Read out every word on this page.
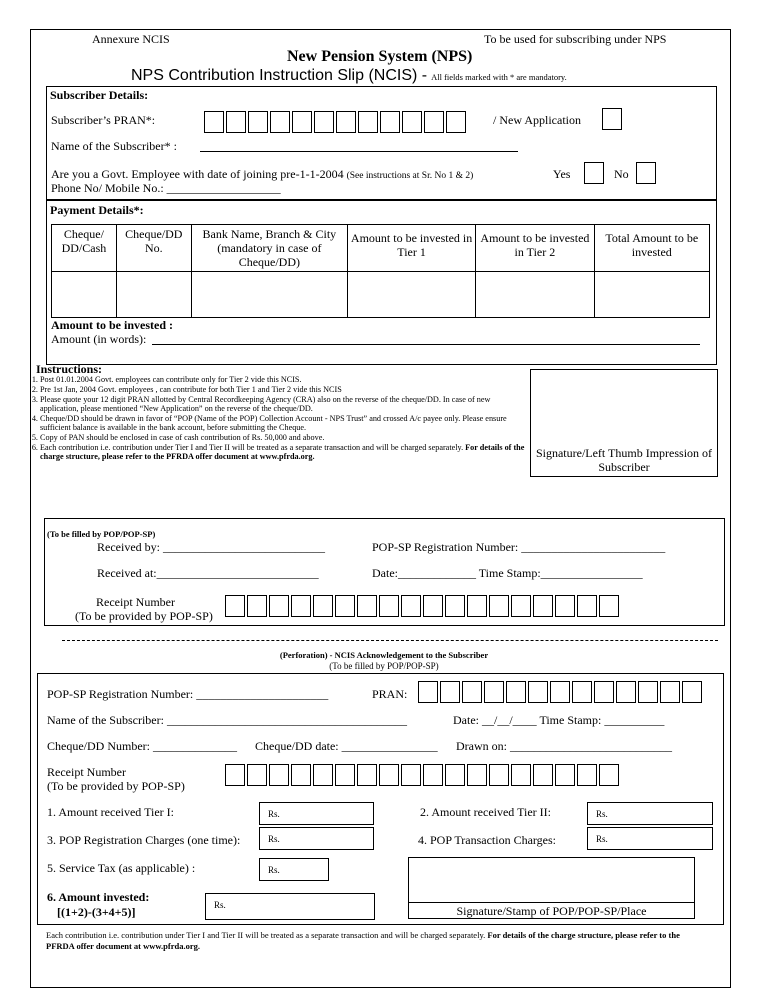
Annexure NCIS	To be used for subscribing under NPS
New Pension System (NPS)
NPS Contribution Instruction Slip (NCIS) - All fields marked with * are mandatory.
Subscriber Details:
Subscriber’s PRAN*:	/ New Application
Name of the Subscriber* :
Are you a Govt. Employee with date of joining pre-1-1-2004 (See instructions at Sr. No 1 & 2)	Yes	No
Phone No/ Mobile No.: ___________________
Payment Details*:
Cheque/ DD/Cash	Cheque/DD No.	Bank Name, Branch & City (mandatory in case of Cheque/DD)	Amount to be invested in Tier 1	Amount to be invested in Tier 2	Total Amount to be invested

Amount to be invested :
Amount (in words):
Instructions:
1. Post 01.01.2004 Govt. employees can contribute only for Tier 2 vide this NCIS.
2. Pre 1st Jan, 2004 Govt. employees , can contribute for both Tier 1 and Tier 2 vide this NCIS
3. Please quote your 12 digit PRAN allotted by Central Recordkeeping Agency (CRA) also on the reverse of the cheque/DD. In case of new application, please mentioned “New Application” on the reverse of the cheque/DD.
4. Cheque/DD should be drawn in favor of “POP (Name of the POP) Collection Account - NPS Trust” and crossed A/c payee only. Please ensure sufficient balance is available in the bank account, before submitting the Cheque.
5. Copy of PAN should be enclosed in case of cash contribution of Rs. 50,000 and above.
6. Each contribution i.e. contribution under Tier I and Tier II will be treated as a separate transaction and will be charged separately. For details of the charge structure, please refer to the PFRDA offer document at www.pfrda.org.	Signature/Left Thumb Impression of Subscriber
(To be filled by POP/POP-SP)
Received by: ___________________________	POP-SP Registration Number: ________________________
Received at:___________________________	Date:_____________ Time Stamp:_________________
Receipt Number
(To be provided by POP-SP)
(Perforation) - NCIS Acknowledgement to the Subscriber
(To be filled by POP/POP-SP)
POP-SP Registration Number: ______________________	PRAN:
Name of the Subscriber: ________________________________________	Date: __/__/____ Time Stamp: __________
Cheque/DD Number: ______________ Cheque/DD date: ________________ Drawn on: ___________________________
Receipt Number
(To be provided by POP-SP)
1. Amount received Tier I:	Rs.	2. Amount received Tier II:	Rs.
3. POP Registration Charges (one time):	Rs.	4. POP Transaction Charges:	Rs.
5. Service Tax (as applicable) :	Rs.
6. Amount invested:
[(1+2)-(3+4+5)]	Rs.	Signature/Stamp of POP/POP-SP/Place
Each contribution i.e. contribution under Tier I and Tier II will be treated as a separate transaction and will be charged separately. For details of the charge structure, please refer to the PFRDA offer document at www.pfrda.org.
